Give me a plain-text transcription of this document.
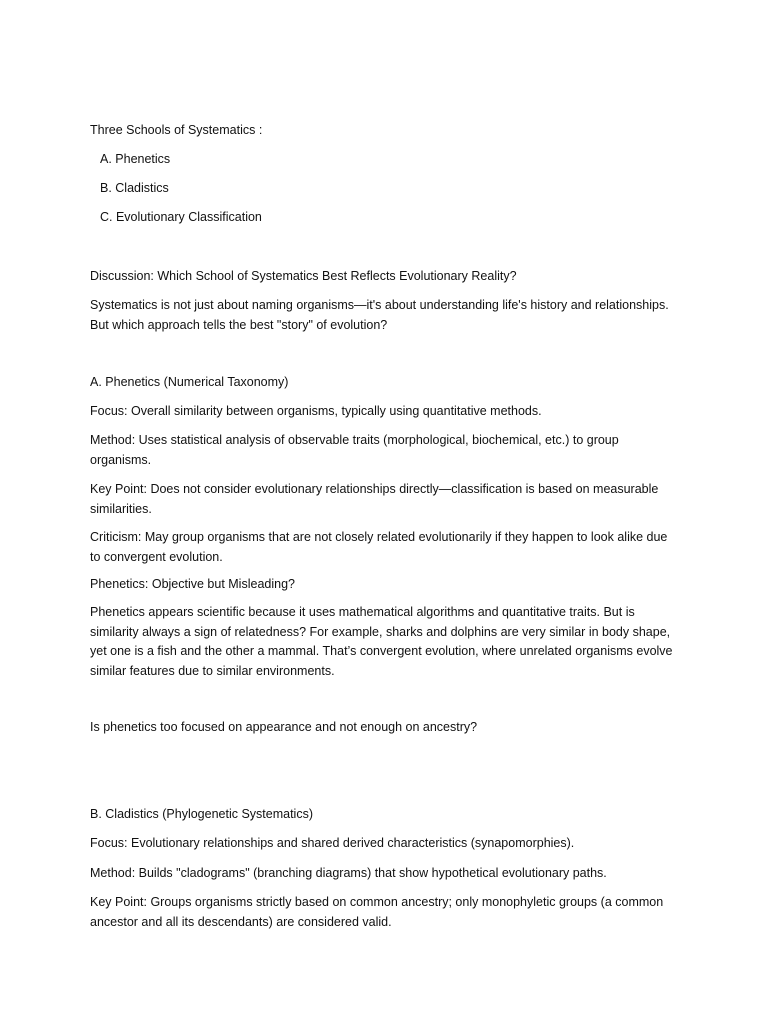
Three Schools of Systematics :

A. Phenetics

B. Cladistics

C. Evolutionary Classification

Discussion: Which School of Systematics Best Reflects Evolutionary Reality?

Systematics is not just about naming organisms—it's about understanding life's history and relationships. But which approach tells the best "story" of evolution?

A. Phenetics (Numerical Taxonomy)

Focus: Overall similarity between organisms, typically using quantitative methods.

Method: Uses statistical analysis of observable traits (morphological, biochemical, etc.) to group organisms.

Key Point: Does not consider evolutionary relationships directly—classification is based on measurable similarities.

Criticism: May group organisms that are not closely related evolutionarily if they happen to look alike due to convergent evolution.

Phenetics: Objective but Misleading?

Phenetics appears scientific because it uses mathematical algorithms and quantitative traits. But is similarity always a sign of relatedness? For example, sharks and dolphins are very similar in body shape, yet one is a fish and the other a mammal. That’s convergent evolution, where unrelated organisms evolve similar features due to similar environments.

Is phenetics too focused on appearance and not enough on ancestry?

B. Cladistics (Phylogenetic Systematics)

Focus: Evolutionary relationships and shared derived characteristics (synapomorphies).

Method: Builds "cladograms" (branching diagrams) that show hypothetical evolutionary paths.

Key Point: Groups organisms strictly based on common ancestry; only monophyletic groups (a common ancestor and all its descendants) are considered valid.
